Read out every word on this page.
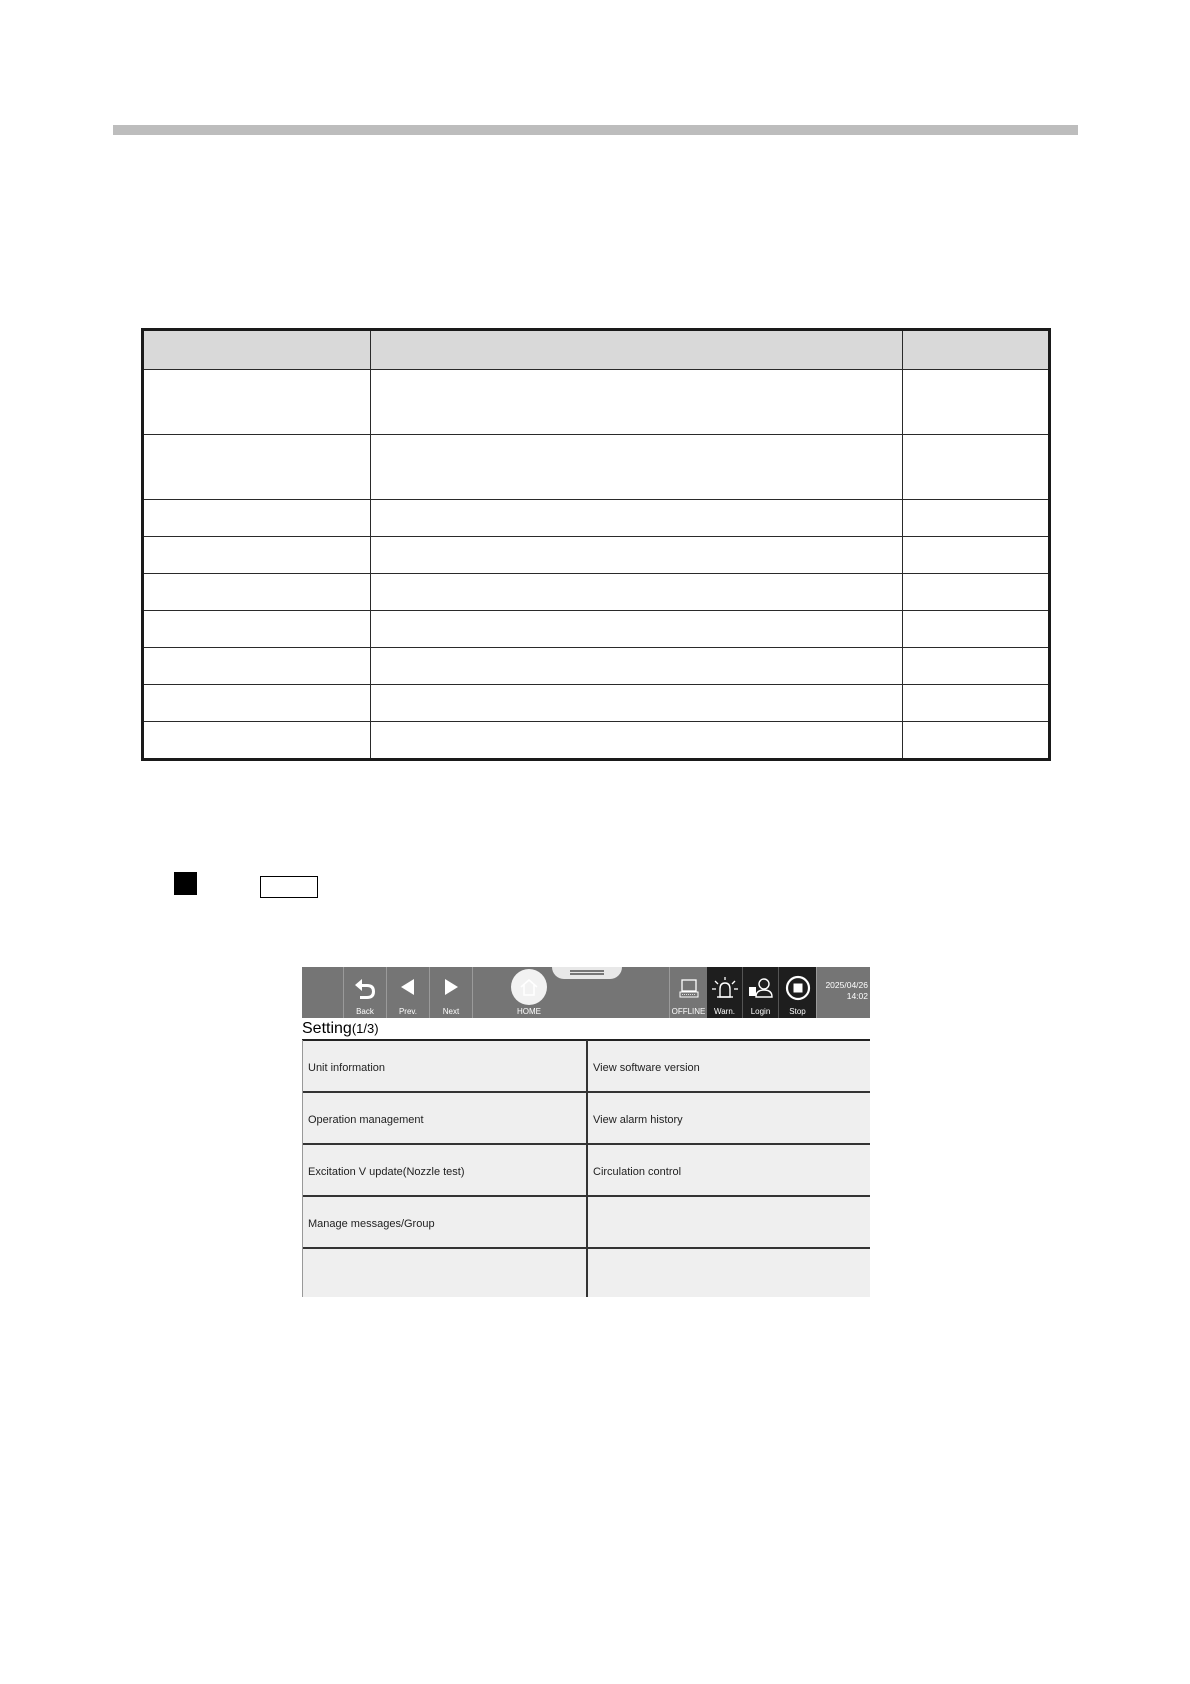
Back	Prev.	Next	HOME	OFFLINE	Warn.	Login	Stop
2025/04/26
14:02
Setting(1/3)
Unit information	View software version
Operation management	View alarm history
Excitation V update(Nozzle test)	Circulation control
Manage messages/Group
